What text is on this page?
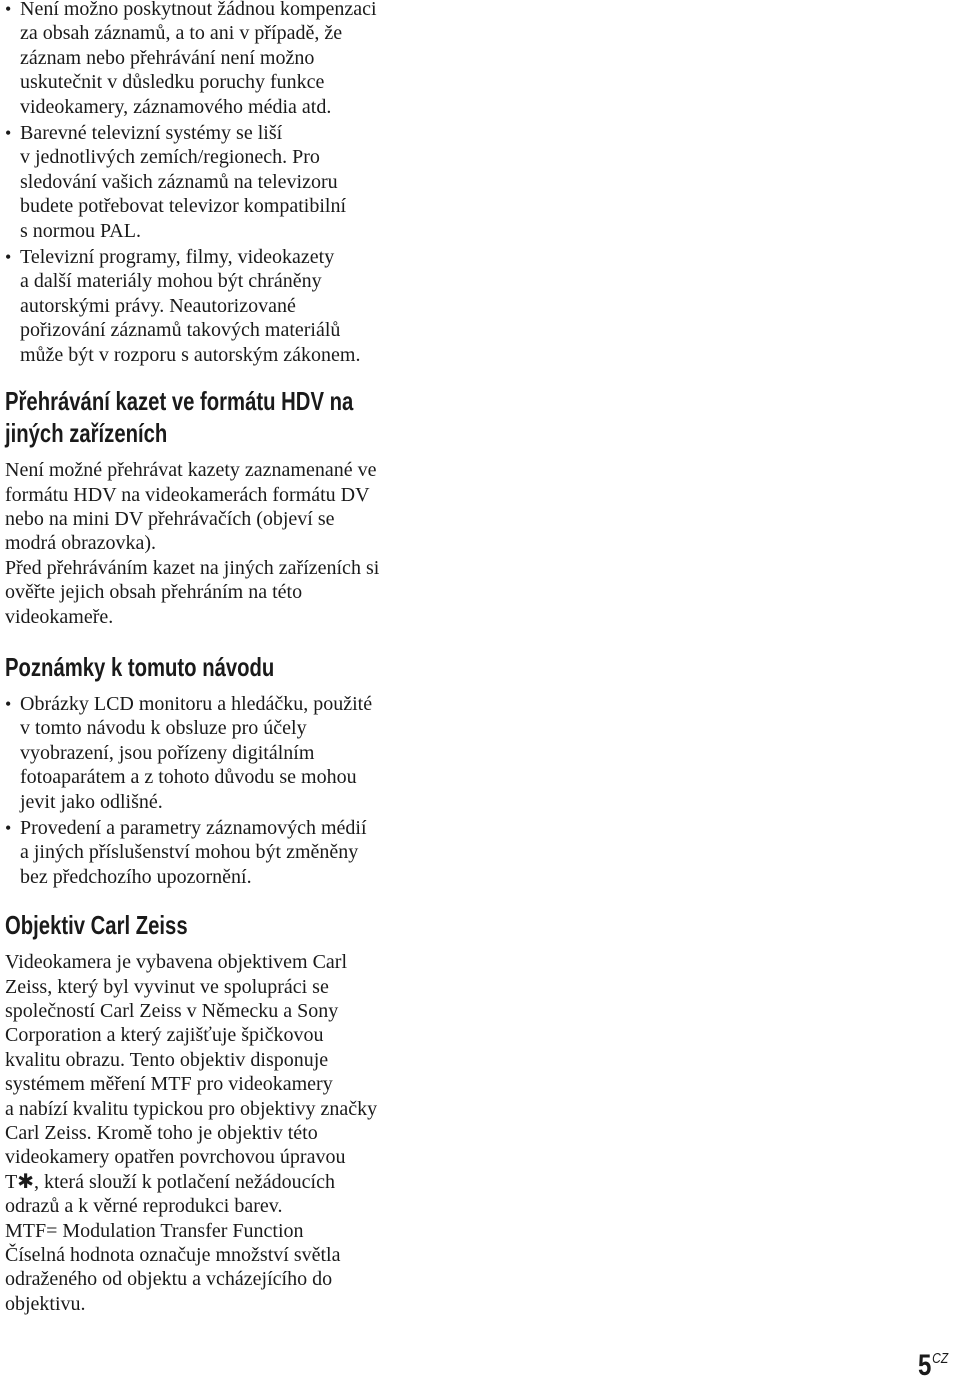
• Není možno poskytnout žádnou kompenzaci
za obsah záznamů, a to ani v případě, že
záznam nebo přehrávání není možno
uskutečnit v důsledku poruchy funkce
videokamery, záznamového média atd.
• Barevné televizní systémy se liší
v jednotlivých zemích/regionech. Pro
sledování vašich záznamů na televizoru
budete potřebovat televizor kompatibilní
s normou PAL.
• Televizní programy, filmy, videokazety
a další materiály mohou být chráněny
autorskými právy. Neautorizované
pořizování záznamů takových materiálů
může být v rozporu s autorským zákonem.
Přehrávání kazet ve formátu HDV na
jiných zařízeních

Není možné přehrávat kazety zaznamenané ve
formátu HDV na videokamerách formátu DV
nebo na mini DV přehrávačích (objeví se
modrá obrazovka).

Před přehráváním kazet na jiných zařízeních si
ověřte jejich obsah přehráním na této
videokameře.

Poznámky k tomuto návodu
• Obrázky LCD monitoru a hledáčku, použité
v tomto návodu k obsluze pro účely
vyobrazení, jsou pořízeny digitálním
fotoaparátem a z tohoto důvodu se mohou
jevit jako odlišné.
• Provedení a parametry záznamových médií
a jiných příslušenství mohou být změněny
bez předchozího upozornění.
Objektiv Carl Zeiss

Videokamera je vybavena objektivem Carl
Zeiss, který byl vyvinut ve spolupráci se
společností Carl Zeiss v Německu a Sony
Corporation a který zajišťuje špičkovou
kvalitu obrazu. Tento objektiv disponuje
systémem měření MTF pro videokamery
a nabízí kvalitu typickou pro objektivy značky
Carl Zeiss. Kromě toho je objektiv této
videokamery opatřen povrchovou úpravou
T✱, která slouží k potlačení nežádoucích
odrazů a k věrné reprodukci barev.
MTF= Modulation Transfer Function
Číselná hodnota označuje množství světla
odraženého od objektu a vcházejícího do
objektivu.

$5^{CZ}$
